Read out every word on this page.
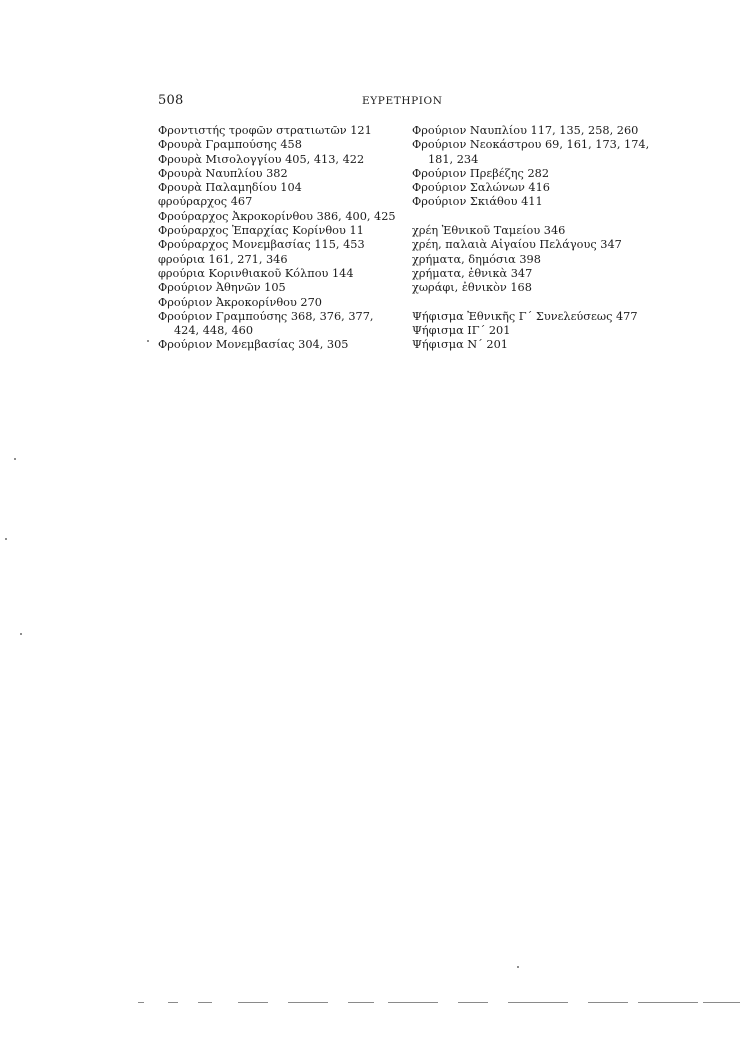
508	ΕΥΡΕΤΗΡΙΟΝ
Φροντιστής τροφῶν στρατιωτῶν 121
Φρουρὰ Γραμπούσης 458
Φρουρὰ Μισολογγίου 405, 413, 422
Φρουρὰ Ναυπλίου 382
Φρουρὰ Παλαμηδίου 104
φρούραρχος 467
Φρούραρχος Ἀκροκορίνθου 386, 400, 425
Φρούραρχος Ἐπαρχίας Κορίνθου 11
Φρούραρχος Μονεμβασίας 115, 453
φρούρια 161, 271, 346
φρούρια Κορινθιακοῦ Κόλπου 144
Φρούριον Ἀθηνῶν 105
Φρούριον Ἀκροκορίνθου 270
Φρούριον Γραμπούσης 368, 376, 377,
424, 448, 460
Φρούριον Μονεμβασίας 304, 305
Φρούριον Ναυπλίου 117, 135, 258, 260
Φρούριον Νεοκάστρου 69, 161, 173, 174,
181, 234
Φρούριον Πρεβέζης 282
Φρούριον Σαλώνων 416
Φρούριον Σκιάθου 411
χρέη Ἐθνικοῦ Ταμείου 346
χρέη, παλαιὰ Αἰγαίου Πελάγους 347
χρήματα, δημόσια 398
χρήματα, ἐθνικὰ 347
χωράφι, ἐθνικὸν 168
Ψήφισμα Ἐθνικῆς Γ΄ Συνελεύσεως 477
Ψήφισμα ΙΓ΄ 201
Ψήφισμα Ν΄ 201
